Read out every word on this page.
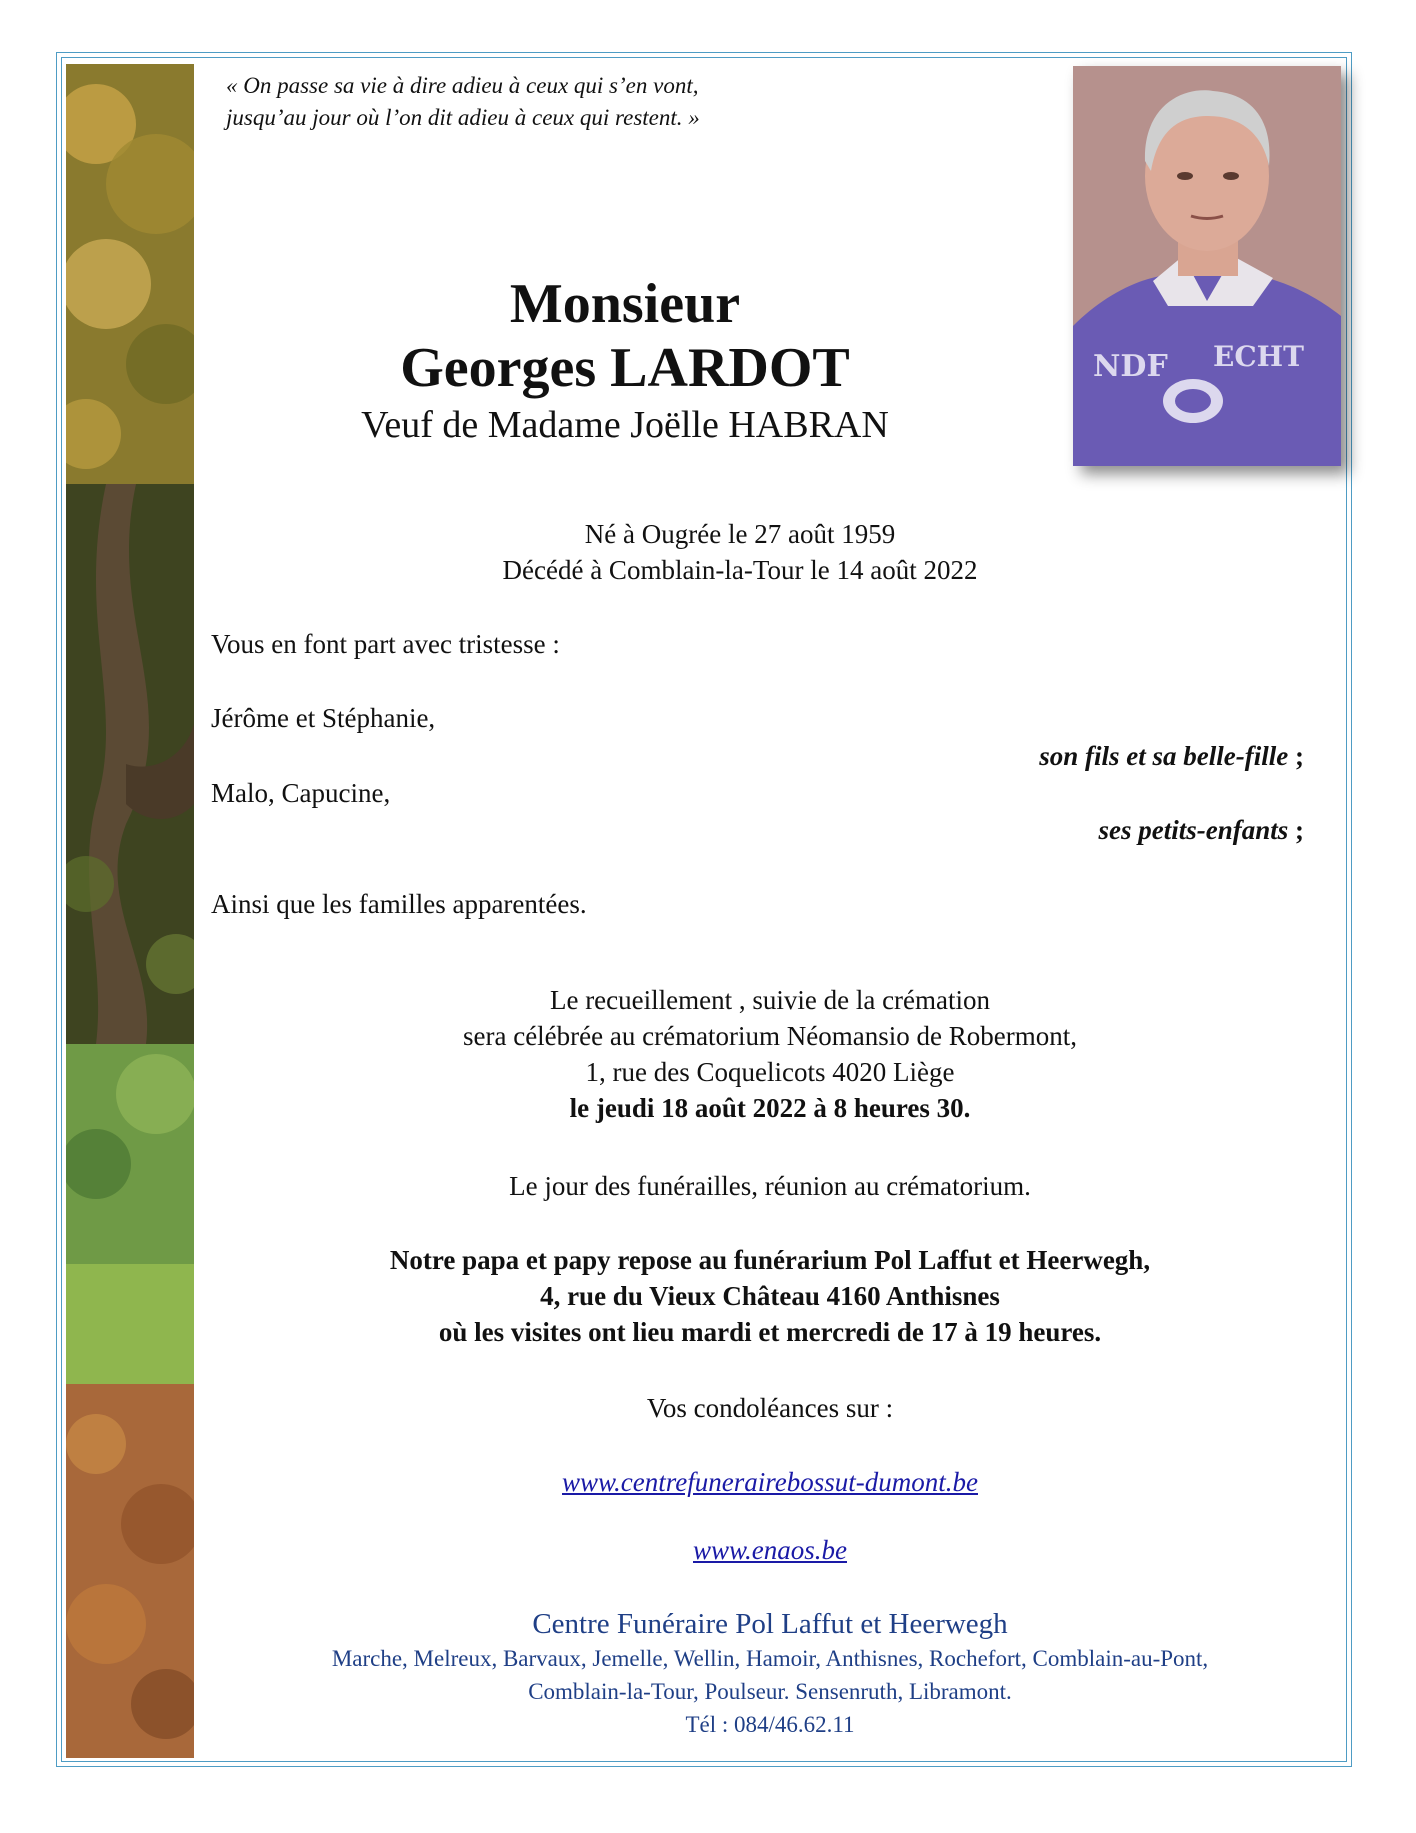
« On passe sa vie à dire adieu à ceux qui s’en vont,
jusqu’au jour où l’on dit adieu à ceux qui restent. »
NDF ECHT
Monsieur
Georges LARDOT
Veuf de Madame Joëlle HABRAN
Né à Ougrée le 27 août 1959
Décédé à Comblain-la-Tour le 14 août 2022
Vous en font part avec tristesse :
Jérôme et Stéphanie,
son fils et sa belle-fille ;
Malo, Capucine,
ses petits-enfants ;
Ainsi que les familles apparentées.
Le recueillement , suivie de la crémation
sera célébrée au crématorium Néomansio de Robermont,
1, rue des Coquelicots 4020 Liège
le jeudi 18 août 2022 à 8 heures 30.
Le jour des funérailles, réunion au crématorium.
Notre papa et papy repose au funérarium Pol Laffut et Heerwegh,
4, rue du Vieux Château 4160 Anthisnes
où les visites ont lieu mardi et mercredi de 17 à 19 heures.
Vos condoléances sur :
www.centrefunerairebossut-dumont.be
www.enaos.be
Centre Funéraire Pol Laffut et Heerwegh
Marche, Melreux, Barvaux, Jemelle, Wellin, Hamoir, Anthisnes, Rochefort, Comblain-au-Pont,
Comblain-la-Tour, Poulseur. Sensenruth, Libramont.
Tél : 084/46.62.11
